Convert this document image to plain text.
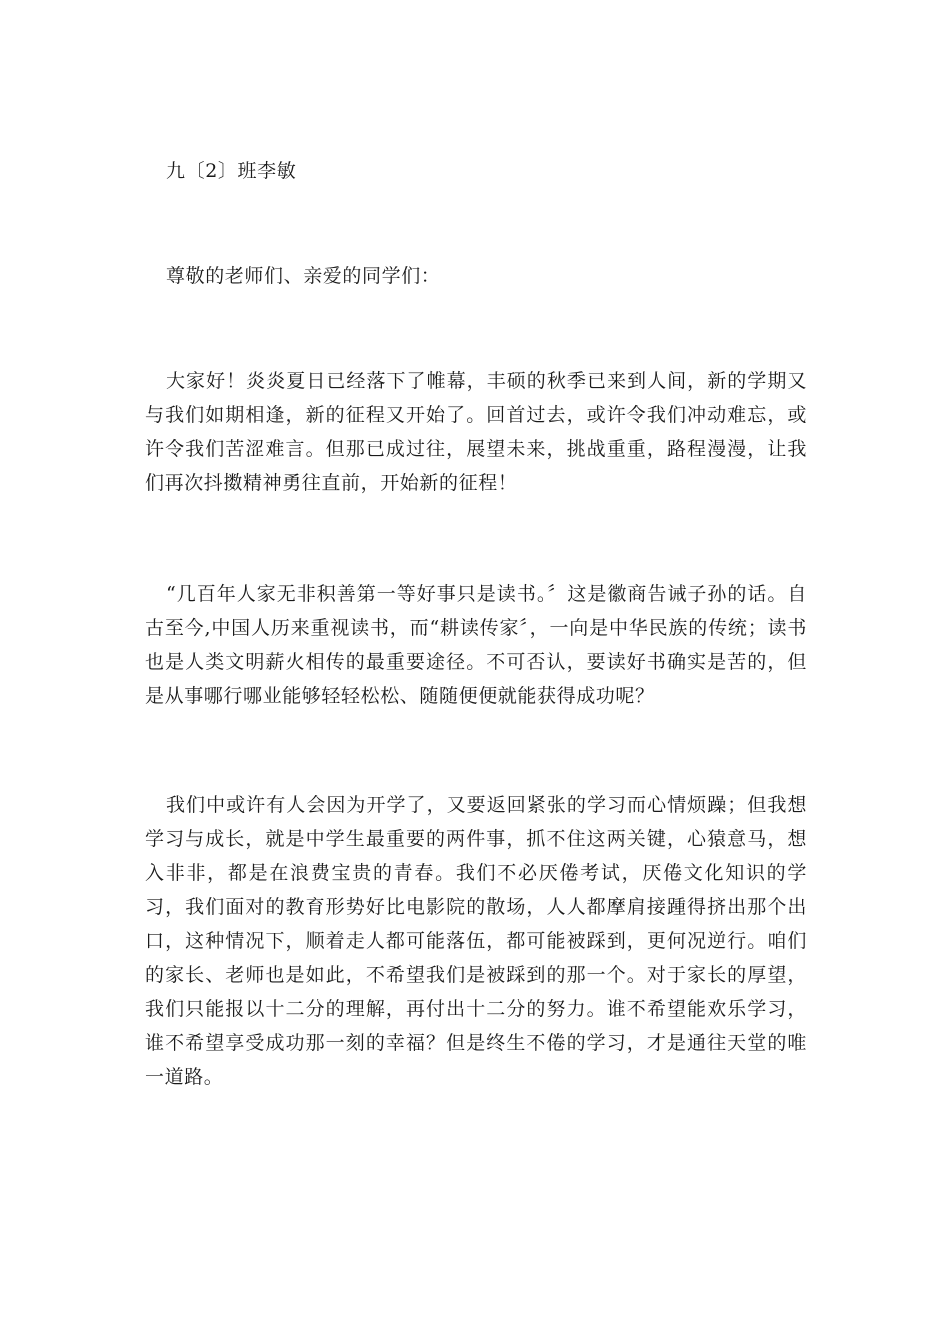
九〔2〕班李敏

尊敬的老师们、亲爱的同学们：

大家好！炎炎夏日已经落下了帷幕，丰硕的秋季已来到人间，新的学期又与我们如期相逢，新的征程又开始了。回首过去，或许令我们冲动难忘，或许令我们苦涩难言。但那已成过往，展望未来，挑战重重，路程漫漫，让我们再次抖擞精神勇往直前，开始新的征程！

“几百年人家无非积善第一等好事只是读书。〞这是徽商告诫子孙的话。自古至今,中国人历来重视读书，而“耕读传家〞，一向是中华民族的传统；读书也是人类文明薪火相传的最重要途径。不可否认，要读好书确实是苦的，但是从事哪行哪业能够轻轻松松、随随便便就能获得成功呢？

我们中或许有人会因为开学了，又要返回紧张的学习而心情烦躁；但我想学习与成长，就是中学生最重要的两件事，抓不住这两关键，心猿意马，想入非非，都是在浪费宝贵的青春。我们不必厌倦考试，厌倦文化知识的学习，我们面对的教育形势好比电影院的散场，人人都摩肩接踵得挤出那个出口，这种情况下，顺着走人都可能落伍，都可能被踩到，更何况逆行。咱们的家长、老师也是如此，不希望我们是被踩到的那一个。对于家长的厚望，我们只能报以十二分的理解，再付出十二分的努力。谁不希望能欢乐学习，谁不希望享受成功那一刻的幸福？但是终生不倦的学习，才是通往天堂的唯一道路。
